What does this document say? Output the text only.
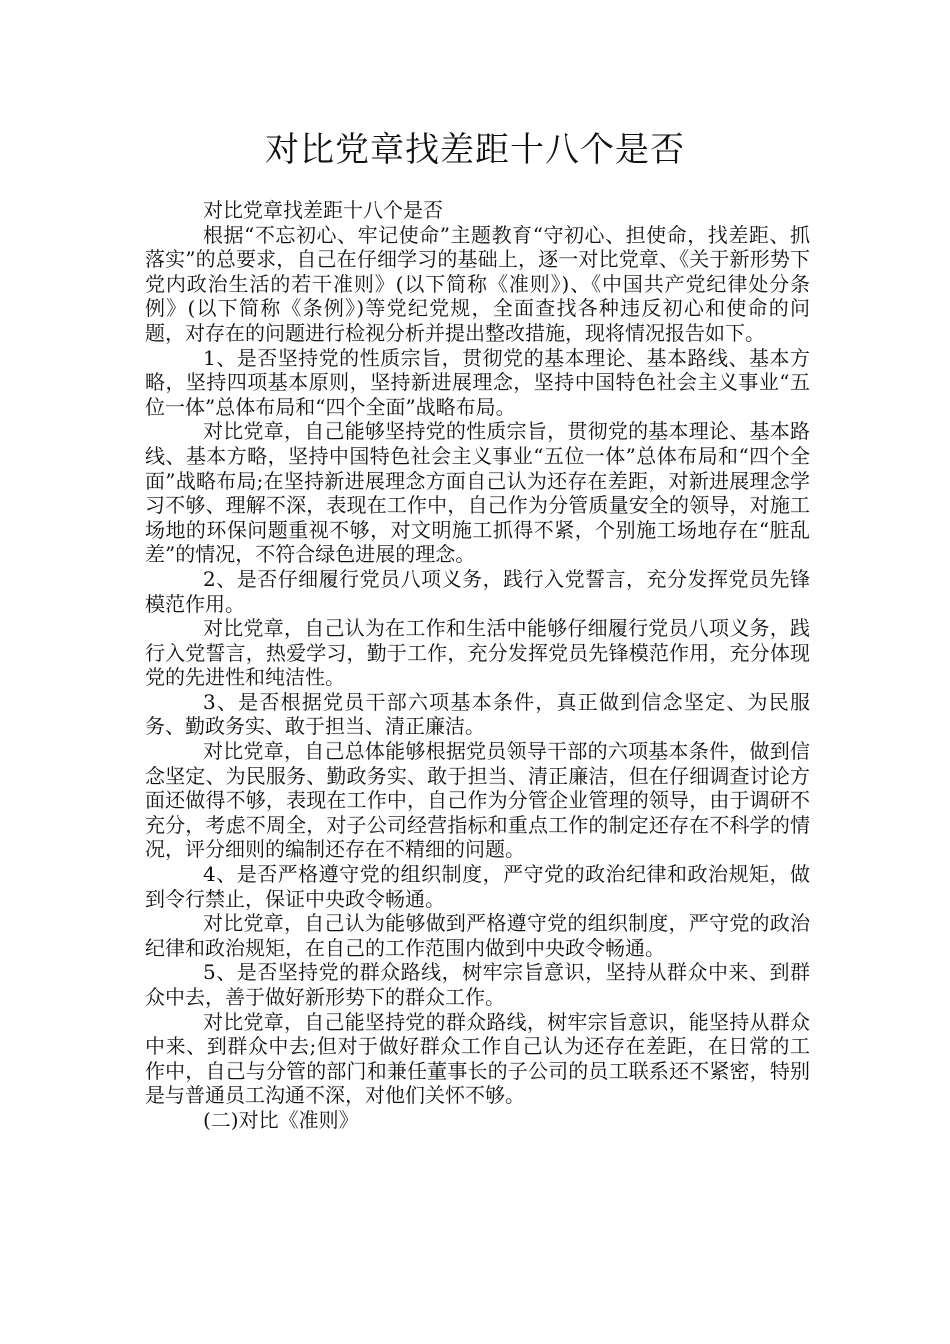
对比党章找差距十八个是否

对比党章找差距十八个是否

根据“不忘初心、牢记使命”主题教育“守初心、担使命，找差距、抓落实”的总要求，自己在仔细学习的基础上，逐一对比党章、《关于新形势下党内政治生活的若干准则》(以下简称《准则》)、《中国共产党纪律处分条例》(以下简称《条例》)等党纪党规，全面查找各种违反初心和使命的问题，对存在的问题进行检视分析并提出整改措施，现将情况报告如下。

1、是否坚持党的性质宗旨，贯彻党的基本理论、基本路线、基本方略，坚持四项基本原则，坚持新进展理念，坚持中国特色社会主义事业“五位一体”总体布局和“四个全面”战略布局。

对比党章，自己能够坚持党的性质宗旨，贯彻党的基本理论、基本路线、基本方略，坚持中国特色社会主义事业“五位一体”总体布局和“四个全面”战略布局;在坚持新进展理念方面自己认为还存在差距，对新进展理念学习不够、理解不深，表现在工作中，自己作为分管质量安全的领导，对施工场地的环保问题重视不够，对文明施工抓得不紧，个别施工场地存在“脏乱差”的情况，不符合绿色进展的理念。

2、是否仔细履行党员八项义务，践行入党誓言，充分发挥党员先锋模范作用。

对比党章，自己认为在工作和生活中能够仔细履行党员八项义务，践行入党誓言，热爱学习，勤于工作，充分发挥党员先锋模范作用，充分体现党的先进性和纯洁性。

3、是否根据党员干部六项基本条件，真正做到信念坚定、为民服务、勤政务实、敢于担当、清正廉洁。

对比党章，自己总体能够根据党员领导干部的六项基本条件，做到信念坚定、为民服务、勤政务实、敢于担当、清正廉洁，但在仔细调查讨论方面还做得不够，表现在工作中，自己作为分管企业管理的领导，由于调研不充分，考虑不周全，对子公司经营指标和重点工作的制定还存在不科学的情况，评分细则的编制还存在不精细的问题。

4、是否严格遵守党的组织制度，严守党的政治纪律和政治规矩，做到令行禁止，保证中央政令畅通。

对比党章，自己认为能够做到严格遵守党的组织制度，严守党的政治纪律和政治规矩，在自己的工作范围内做到中央政令畅通。

5、是否坚持党的群众路线，树牢宗旨意识，坚持从群众中来、到群众中去，善于做好新形势下的群众工作。

对比党章，自己能坚持党的群众路线，树牢宗旨意识，能坚持从群众中来、到群众中去;但对于做好群众工作自己认为还存在差距，在日常的工作中，自己与分管的部门和兼任董事长的子公司的员工联系还不紧密，特别是与普通员工沟通不深，对他们关怀不够。

(二)对比《准则》
